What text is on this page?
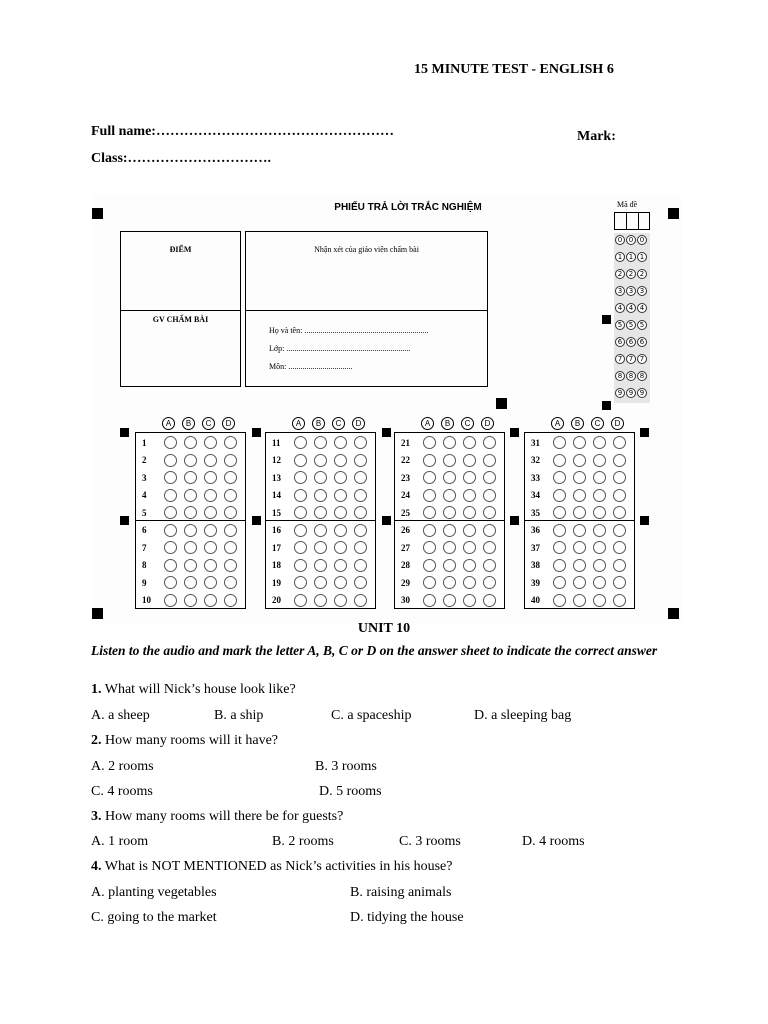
15 MINUTE TEST - ENGLISH 6
Full name:……………………………………………
Class:………………………….
Mark:
PHIẾU TRẢ LỜI TRẮC NGHIỆM
ĐIỂM
GV CHẤM BÀI
Nhận xét của giáo viên chấm bài
Họ và tên: ..............................................................
Lớp: ..............................................................
Môn: ................................
Mã đề
0 0 0
1 1 1
2 2 2
3 3 3
4 4 4
5 5 5
6 6 6
7 7 7
8 8 8
9 9 9
A	B	C	D
1
2
3
4
5
6
7
8
9
10
A	B	C	D
11
12
13
14
15
16
17
18
19
20
A	B	C	D
21
22
23
24
25
26
27
28
29
30
A	B	C	D
31
32
33
34
35
36
37
38
39
40
UNIT 10
Listen to the audio and mark the letter A, B, C or D on the answer sheet to indicate the correct answer
1. What will Nick’s house look like?
A. a sheep	B. a ship	C. a spaceship	D. a sleeping bag
2. How many rooms will it have?
A. 2 rooms	B. 3 rooms
C. 4 rooms	D. 5 rooms
3. How many rooms will there be for guests?
A. 1 room	B. 2 rooms	C. 3 rooms	D. 4 rooms
4. What is NOT MENTIONED as Nick’s activities in his house?
A. planting vegetables	B. raising animals
C. going to the market	D. tidying the house
